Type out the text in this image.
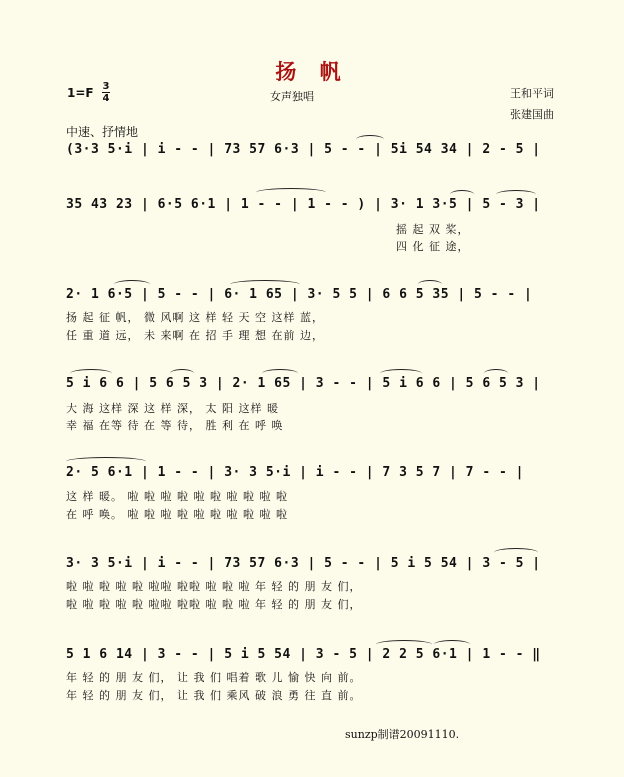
扬 帆
1=F 3
4	女声独唱	王和平词
张建国曲
中速、抒情地
(3·3 5·i | i - - | 73 57 6·3 | 5 - - | 5i 54 34 | 2 - 5 |
35 43 23 | 6·5 6·1 | 1 - - | 1 - - ) | 3· 1 3·5 | 5 - 3 |
摇 起 双 桨，
四 化 征 途，
2· 1 6·5 | 5 - - | 6· 1 65 | 3· 5 5 | 6 6 5 35 | 5 - - |
扬 起 征 帆， 微 风啊 这 样 轻 天 空 这样 蓝，
任 重 道 远， 未 来啊 在 招 手 理 想 在前 边，
5 i 6 6 | 5 6 5 3 | 2· 1 65 | 3 - - | 5 i 6 6 | 5 6 5 3 |
大 海 这样 深 这 样 深， 太 阳 这样 暖
幸 福 在等 待 在 等 待， 胜 利 在 呼 唤
2· 5 6·1 | 1 - - | 3· 3 5·i | i - - | 7 3 5 7 | 7 - - |
这 样 暖。 啦 啦 啦 啦 啦 啦 啦 啦 啦 啦
在 呼 唤。 啦 啦 啦 啦 啦 啦 啦 啦 啦 啦
3· 3 5·i | i - - | 73 57 6·3 | 5 - - | 5 i 5 54 | 3 - 5 |
啦 啦 啦 啦 啦 啦啦 啦啦 啦 啦 啦 年 轻 的 朋 友 们，
啦 啦 啦 啦 啦 啦啦 啦啦 啦 啦 啦 年 轻 的 朋 友 们，
5 1 6 14 | 3 - - | 5 i 5 54 | 3 - 5 | 2 2 5 6·1 | 1 - - ‖
年 轻 的 朋 友 们， 让 我 们 唱着 歌 儿 愉 快 向 前。
年 轻 的 朋 友 们， 让 我 们 乘风 破 浪 勇 往 直 前。
sunzp制谱20091110.
